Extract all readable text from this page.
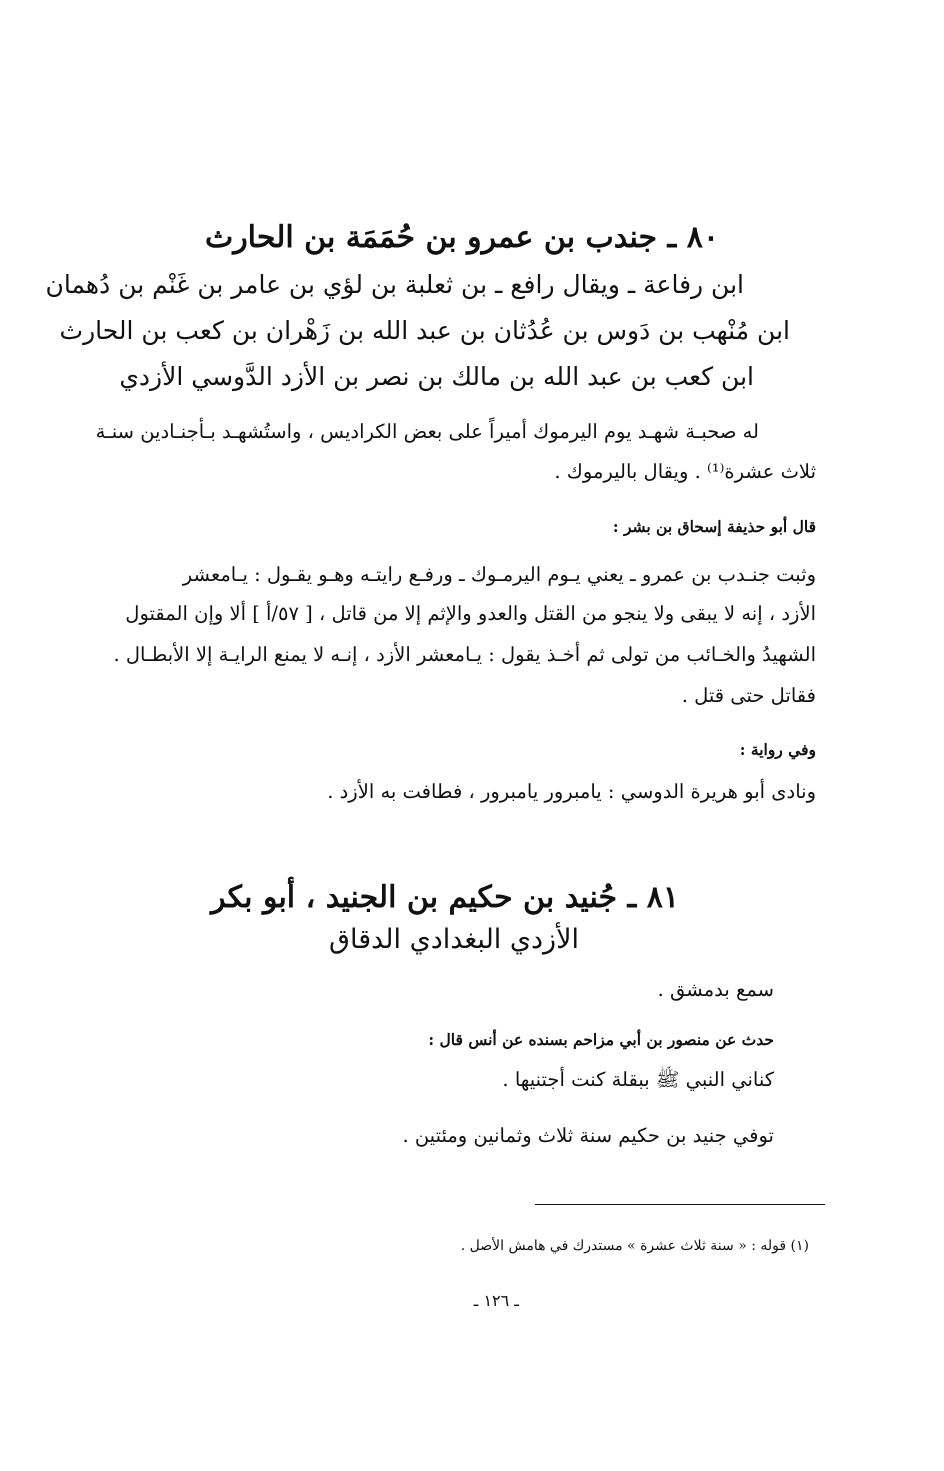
٨٠ ـ جندب بن عمرو بن حُمَمَة بن الحارث
ابن رفاعة ـ ويقال رافع ـ بن ثعلبة بن لؤي بن عامر بن غَنْم بن دُهمان
ابن مُنْهب بن دَوس بن عُدُثان بن عبد الله بن زَهْران بن كعب بن الحارث
ابن كعب بن عبد الله بن مالك بن نصر بن الأزد الدَّوسي الأزدي
له صحبـة شهـد يوم اليرموك أميراً على بعض الكراديس ، واستُشهـد بـأجنـادين سنـة
ثلاث عشرة⁽¹⁾ . ويقال باليرموك .
قال أبو حذيفة إسحاق بن بشر :
وثبت جنـدب بن عمرو ـ يعني يـوم اليرمـوك ـ ورفـع رايتـه وهـو يقـول : يـامعشر
الأزد ، إنه لا يبقى ولا ينجو من القتل والعدو والإثم إلا من قاتل ، [ ٥٧/أ ] ألا وإن المقتول
الشهيدُ والخـائب من تولى ثم أخـذ يقول : يـامعشر الأزد ، إنـه لا يمنع الرايـة إلا الأبطـال .
فقاتل حتى قتل .
وفي رواية :
ونادى أبو هريرة الدوسي : يامبرور يامبرور ، فطافت به الأزد .
٨١ ـ جُنيد بن حكيم بن الجنيد ، أبو بكر
الأزدي البغدادي الدقاق
سمع بدمشق .
حدث عن منصور بن أبي مزاحم بسنده عن أنس قال :
كناني النبي ﷺ ببقلة كنت أجتنيها .
توفي جنيد بن حكيم سنة ثلاث وثمانين ومئتين .
(١) قوله : « سنة ثلاث عشرة » مستدرك في هامش الأصل .
ـ ١٢٦ ـ
